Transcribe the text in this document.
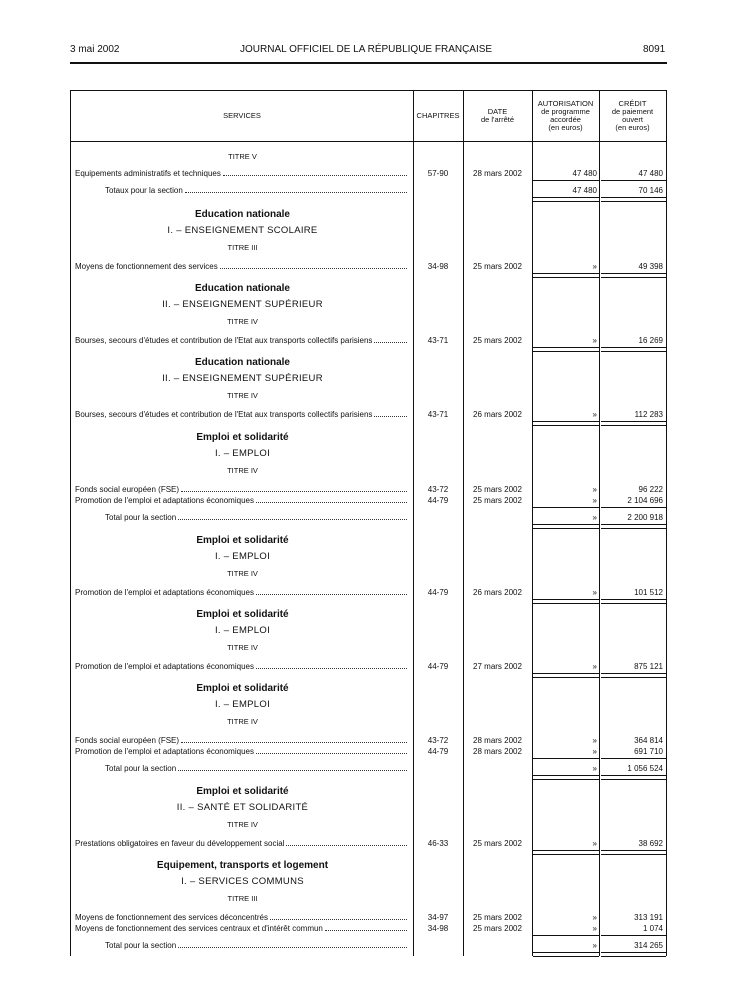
3 mai 2002	JOURNAL OFFICIEL DE LA RÉPUBLIQUE FRANÇAISE	8091
SERVICES	CHAPITRES	DATE
de l'arrêté
AUTORISATION
de programme
accordée
(en euros)
CRÉDIT
de paiement
ouvert
(en euros)
TITRE V
Equipements administratifs et techniques	57-90	28 mars 2002	47 480	47 480
Totaux pour la section	47 480	70 146
Education nationale
I. – ENSEIGNEMENT SCOLAIRE
TITRE III
Moyens de fonctionnement des services	34-98	25 mars 2002	»	49 398
Education nationale
II. – ENSEIGNEMENT SUPÉRIEUR
TITRE IV
Bourses, secours d'études et contribution de l'Etat aux transports collectifs parisiens	43-71	25 mars 2002	»	16 269
Education nationale
II. – ENSEIGNEMENT SUPÉRIEUR
TITRE IV
Bourses, secours d'études et contribution de l'Etat aux transports collectifs parisiens	43-71	26 mars 2002	»	112 283
Emploi et solidarité
I. – EMPLOI
TITRE IV
Fonds social européen (FSE)	43-72	25 mars 2002	»	96 222
Promotion de l'emploi et adaptations économiques	44-79	25 mars 2002	»	2 104 696
Total pour la section	»	2 200 918
Emploi et solidarité
I. – EMPLOI
TITRE IV
Promotion de l'emploi et adaptations économiques	44-79	26 mars 2002	»	101 512
Emploi et solidarité
I. – EMPLOI
TITRE IV
Promotion de l'emploi et adaptations économiques	44-79	27 mars 2002	»	875 121
Emploi et solidarité
I. – EMPLOI
TITRE IV
Fonds social européen (FSE)	43-72	28 mars 2002	»	364 814
Promotion de l'emploi et adaptations économiques	44-79	28 mars 2002	»	691 710
Total pour la section	»	1 056 524
Emploi et solidarité
II. – SANTÉ ET SOLIDARITÉ
TITRE IV
Prestations obligatoires en faveur du développement social	46-33	25 mars 2002	»	38 692
Equipement, transports et logement
I. – SERVICES COMMUNS
TITRE III
Moyens de fonctionnement des services déconcentrés	34-97	25 mars 2002	»	313 191
Moyens de fonctionnement des services centraux et d'intérêt commun	34-98	25 mars 2002	»	1 074
Total pour la section	»	314 265
